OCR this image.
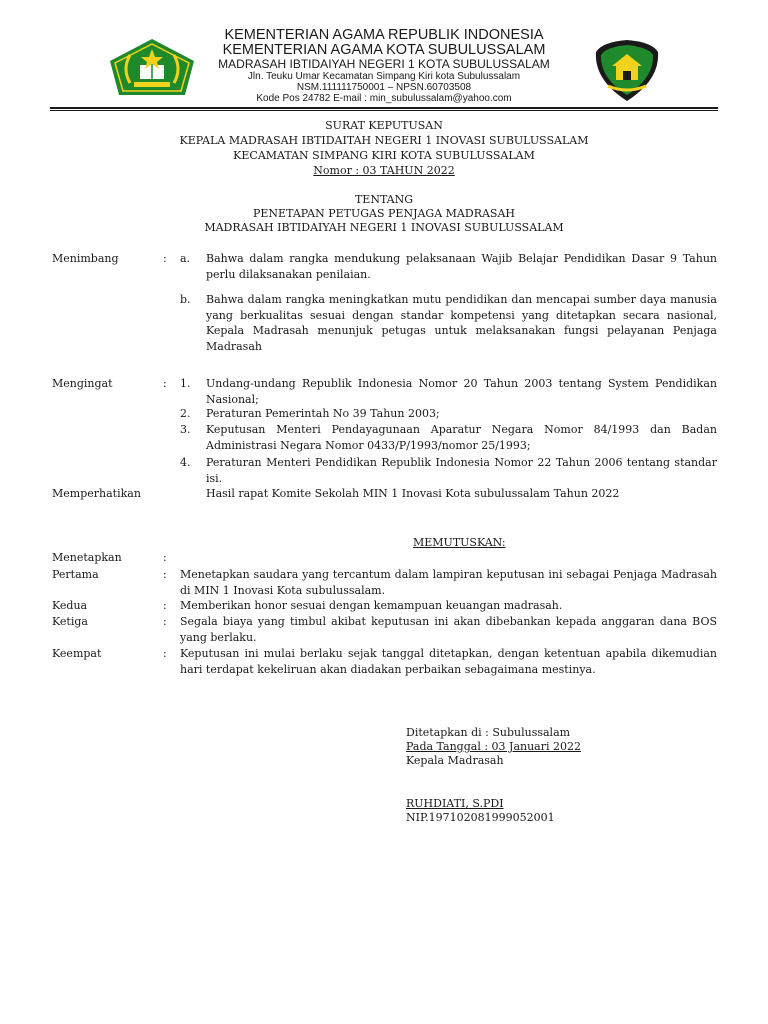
KEMENTERIAN AGAMA REPUBLIK INDONESIA
KEMENTERIAN AGAMA KOTA SUBULUSSALAM
MADRASAH IBTIDAIYAH NEGERI 1 KOTA SUBULUSSALAM
Jln. Teuku Umar Kecamatan Simpang Kiri kota Subulussalam
NSM.111111750001 – NPSN.60703508
Kode Pos 24782 E-mail : min_subulussalam@yahoo.com
SURAT KEPUTUSAN
KEPALA MADRASAH IBTIDAITAH NEGERI 1 INOVASI SUBULUSSALAM
KECAMATAN SIMPANG KIRI KOTA SUBULUSSALAM
Nomor : 03 TAHUN 2022
TENTANG
PENETAPAN PETUGAS PENJAGA MADRASAH
MADRASAH IBTIDAIYAH NEGERI 1 INOVASI SUBULUSSALAM
Menimbang	: a. Bahwa dalam rangka mendukung pelaksanaan Wajib Belajar Pendidikan Dasar 9 Tahun perlu dilaksanakan penilaian.
b. Bahwa dalam rangka meningkatkan mutu pendidikan dan mencapai sumber daya manusia yang berkualitas sesuai dengan standar kompetensi yang ditetapkan secara nasional, Kepala Madrasah menunjuk petugas untuk melaksanakan fungsi pelayanan Penjaga Madrasah
Mengingat	: 1. Undang-undang Republik Indonesia Nomor 20 Tahun 2003 tentang System Pendidikan Nasional;
2. Peraturan Pemerintah No 39 Tahun 2003;
3. Keputusan Menteri Pendayagunaan Aparatur Negara Nomor 84/1993 dan Badan Administrasi Negara Nomor 0433/P/1993/nomor 25/1993;
4. Peraturan Menteri Pendidikan Republik Indonesia Nomor 22 Tahun 2006 tentang standar isi.
Memperhatikan	Hasil rapat Komite Sekolah MIN 1 Inovasi Kota subulussalam Tahun 2022
MEMUTUSKAN:
Menetapkan	:
Pertama	: Menetapkan saudara yang tercantum dalam lampiran keputusan ini sebagai Penjaga Madrasah di MIN 1 Inovasi Kota subulussalam.
Kedua	: Memberikan honor sesuai dengan kemampuan keuangan madrasah.
Ketiga	: Segala biaya yang timbul akibat keputusan ini akan dibebankan kepada anggaran dana BOS yang berlaku.
Keempat	: Keputusan ini mulai berlaku sejak tanggal ditetapkan, dengan ketentuan apabila dikemudian hari terdapat kekeliruan akan diadakan perbaikan sebagaimana mestinya.
Ditetapkan di : Subulussalam
Pada Tanggal : 03 Januari 2022
Kepala Madrasah
RUHDIATI, S.PDI
NIP.197102081999052001
